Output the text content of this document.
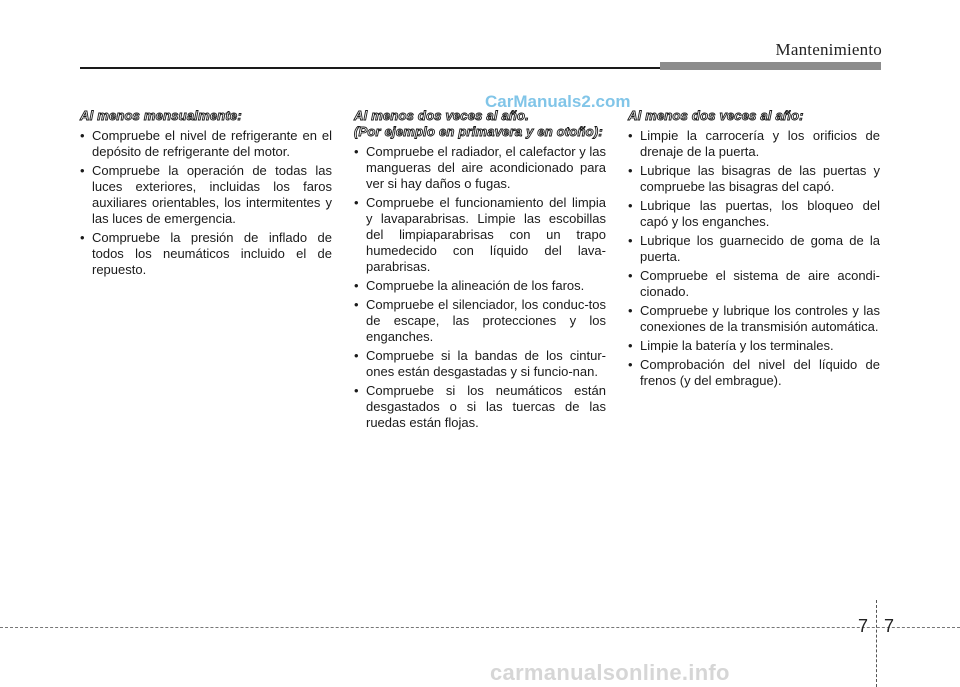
Mantenimiento
CarManuals2.com
Al menos mensualmente:
• Compruebe el nivel de refrigerante en el depósito de refrigerante del motor.
• Compruebe la operación de todas las luces exteriores, incluidas los faros auxiliares orientables, los intermitentes y las luces de emergencia.
• Compruebe la presión de inflado de todos los neumáticos incluido el de repuesto.
Al menos dos veces al año.
(Por ejemplo en primavera y en otoño):
• Compruebe el radiador, el calefactor y las mangueras del aire acondicionado para ver si hay daños o fugas.
• Compruebe el funcionamiento del limpia y lavaparabrisas. Limpie las escobillas del limpiaparabrisas con un trapo humedecido con líquido del lava-parabrisas.
• Compruebe la alineación de los faros.
• Compruebe el silenciador, los conduc-tos de escape, las protecciones y los enganches.
• Compruebe si la bandas de los cintur-ones están desgastadas y si funcio-nan.
• Compruebe si los neumáticos están desgastados o si las tuercas de las ruedas están flojas.
Al menos dos veces al año:
• Limpie la carrocería y los orificios de drenaje de la puerta.
• Lubrique las bisagras de las puertas y compruebe las bisagras del capó.
• Lubrique las puertas, los bloqueo del capó y los enganches.
• Lubrique los guarnecido de goma de la puerta.
• Compruebe el sistema de aire acondi-cionado.
• Compruebe y lubrique los controles y las conexiones de la transmisión automática.
• Limpie la batería y los terminales.
• Comprobación del nivel del líquido de frenos (y del embrague).
7 7
carmanualsonline.info
